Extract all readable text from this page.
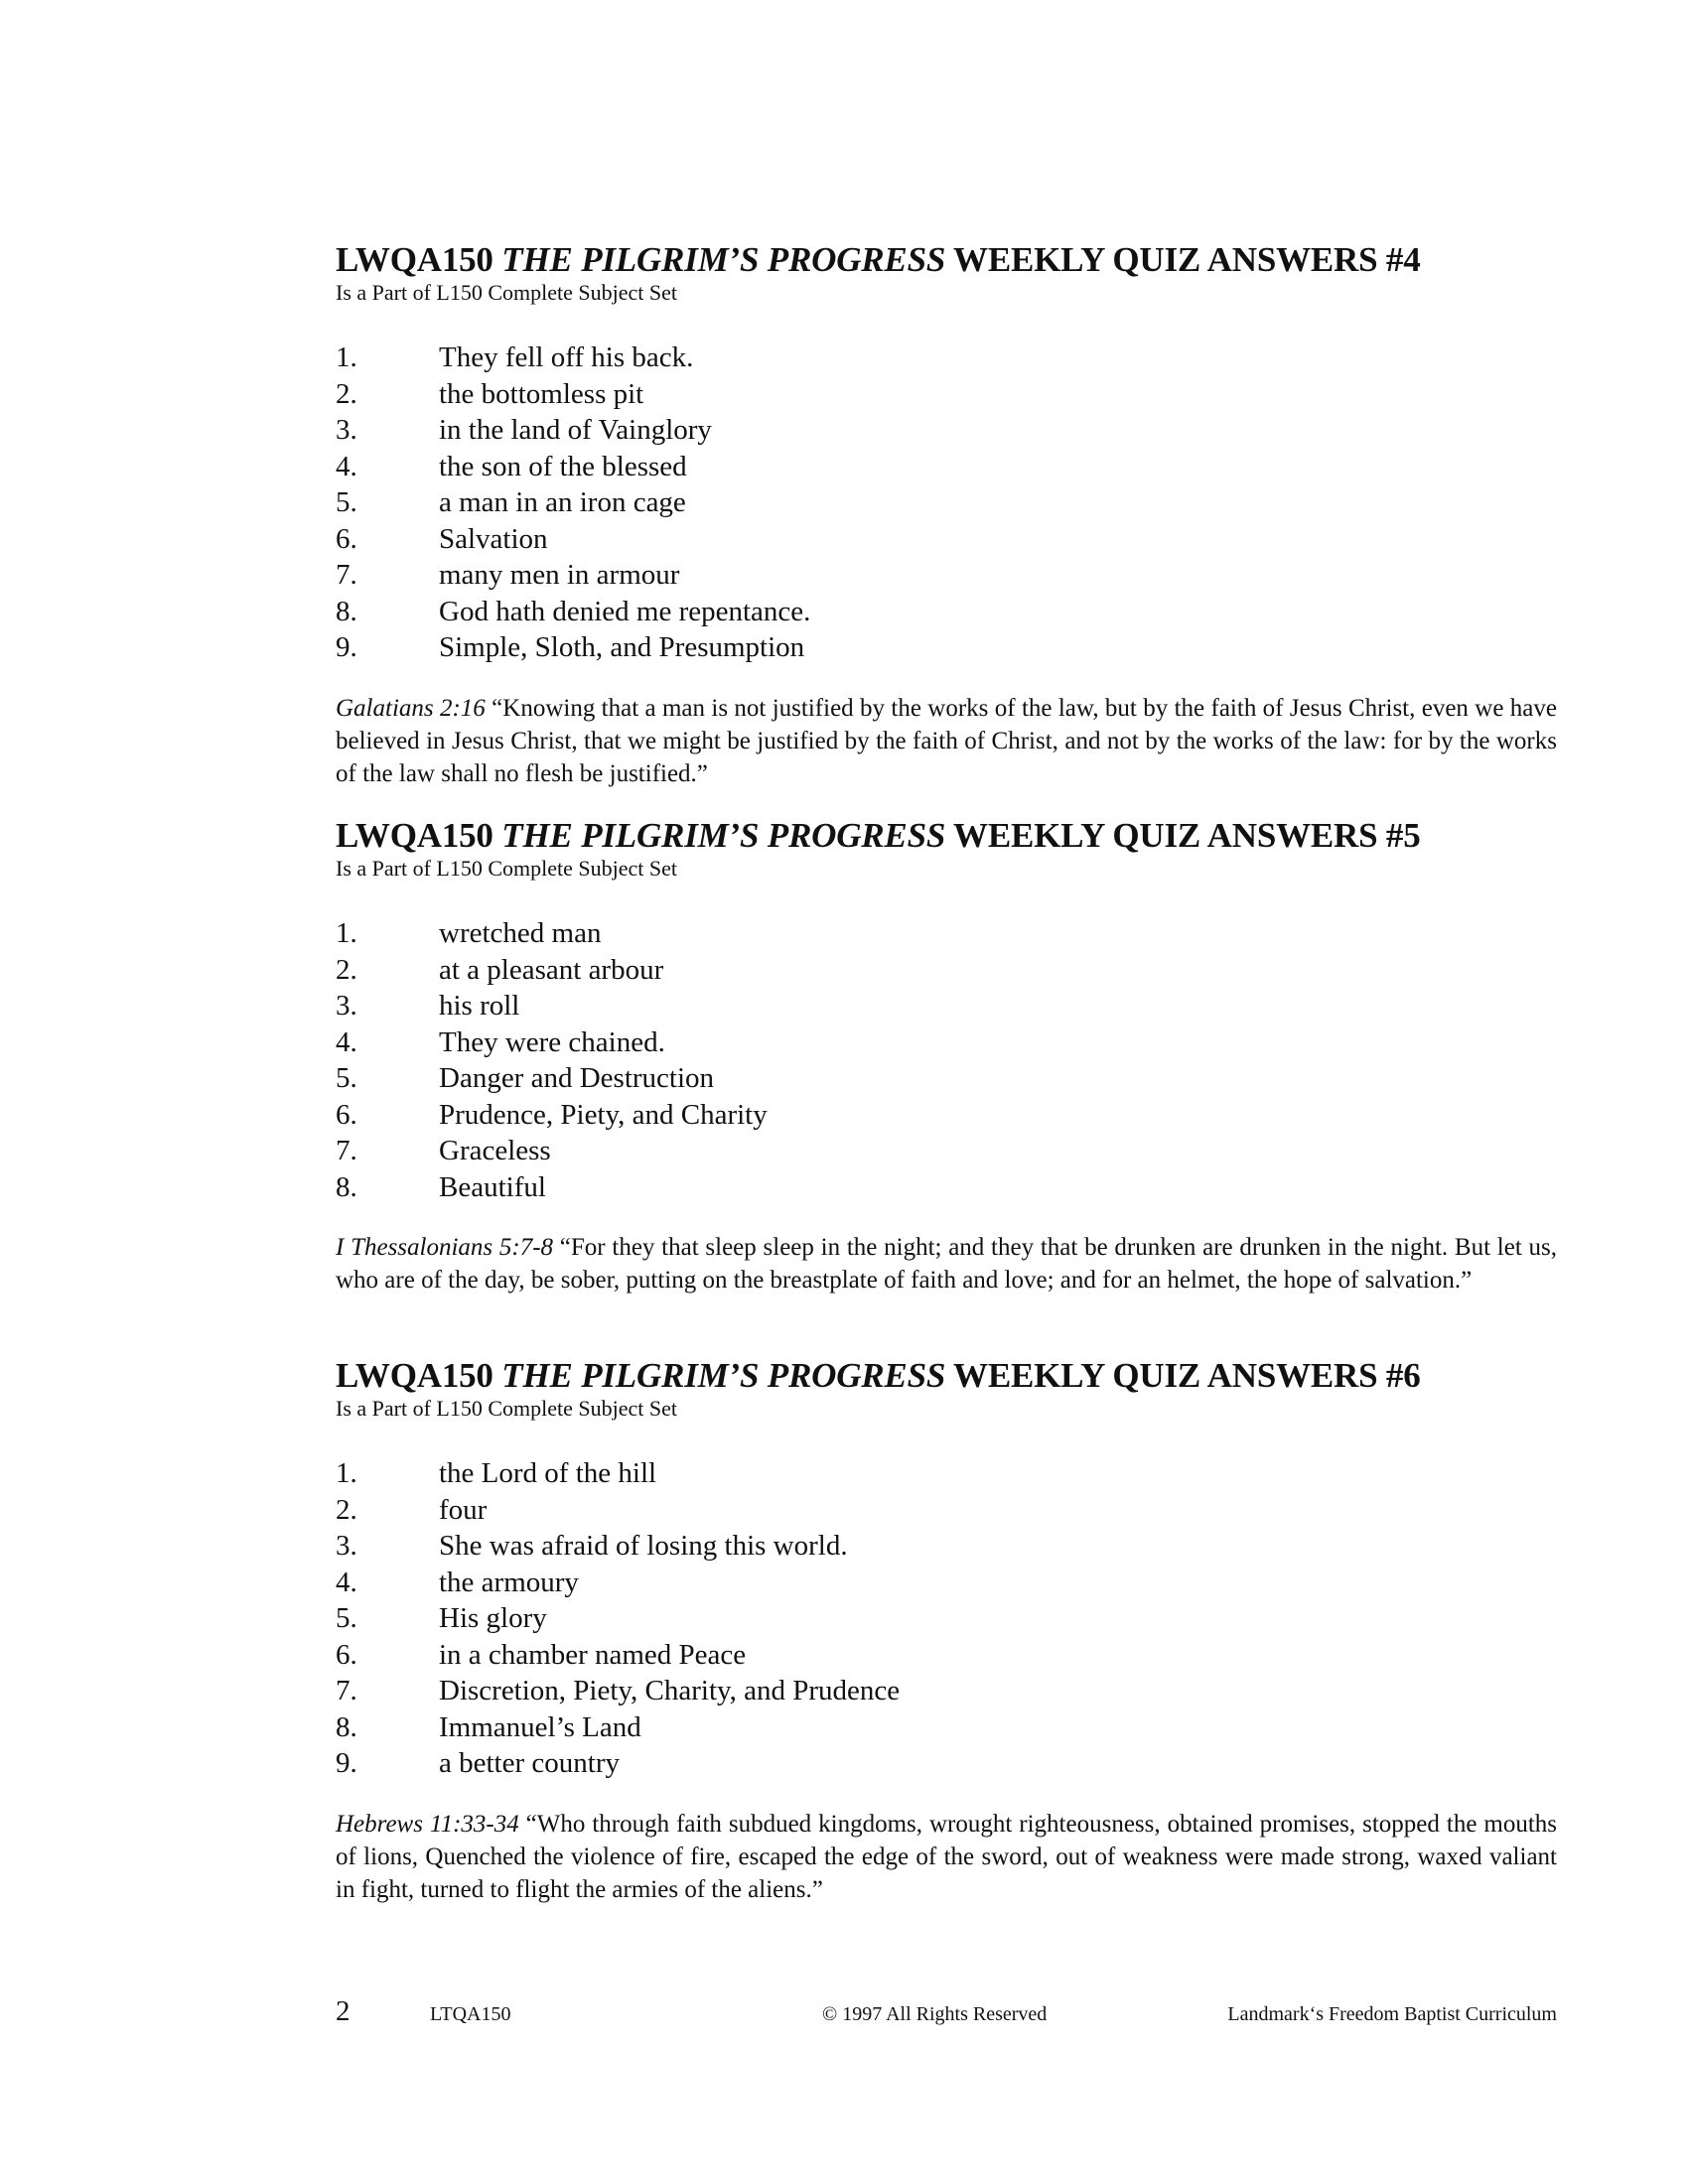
LWQA150 THE PILGRIM’S PROGRESS WEEKLY QUIZ ANSWERS #4

Is a Part of L150 Complete Subject Set

1.	They fell off his back.
2.	the bottomless pit
3.	in the land of Vainglory
4.	the son of the blessed
5.	a man in an iron cage
6.	Salvation
7.	many men in armour
8.	God hath denied me repentance.
9.	Simple, Sloth, and Presumption

Galatians 2:16 “Knowing that a man is not justified by the works of the law, but by the faith of Jesus Christ, even we have believed in Jesus Christ, that we might be justified by the faith of Christ, and not by the works of the law: for by the works of the law shall no flesh be justified.”

LWQA150 THE PILGRIM’S PROGRESS WEEKLY QUIZ ANSWERS #5

Is a Part of L150 Complete Subject Set

1.	wretched man
2.	at a pleasant arbour
3.	his roll
4.	They were chained.
5.	Danger and Destruction
6.	Prudence, Piety, and Charity
7.	Graceless
8.	Beautiful

I Thessalonians 5:7-8 “For they that sleep sleep in the night; and they that be drunken are drunken in the night. But let us, who are of the day, be sober, putting on the breastplate of faith and love; and for an helmet, the hope of salvation.”

LWQA150 THE PILGRIM’S PROGRESS WEEKLY QUIZ ANSWERS #6

Is a Part of L150 Complete Subject Set

1.	the Lord of the hill
2.	four
3.	She was afraid of losing this world.
4.	the armoury
5.	His glory
6.	in a chamber named Peace
7.	Discretion, Piety, Charity, and Prudence
8.	Immanuel’s Land
9.	a better country

Hebrews 11:33-34 “Who through faith subdued kingdoms, wrought righteousness, obtained promises, stopped the mouths of lions, Quenched the violence of fire, escaped the edge of the sword, out of weakness were made strong, waxed valiant in fight, turned to flight the armies of the aliens.”

2	LTQA150	© 1997 All Rights Reserved	Landmark‘s Freedom Baptist Curriculum
